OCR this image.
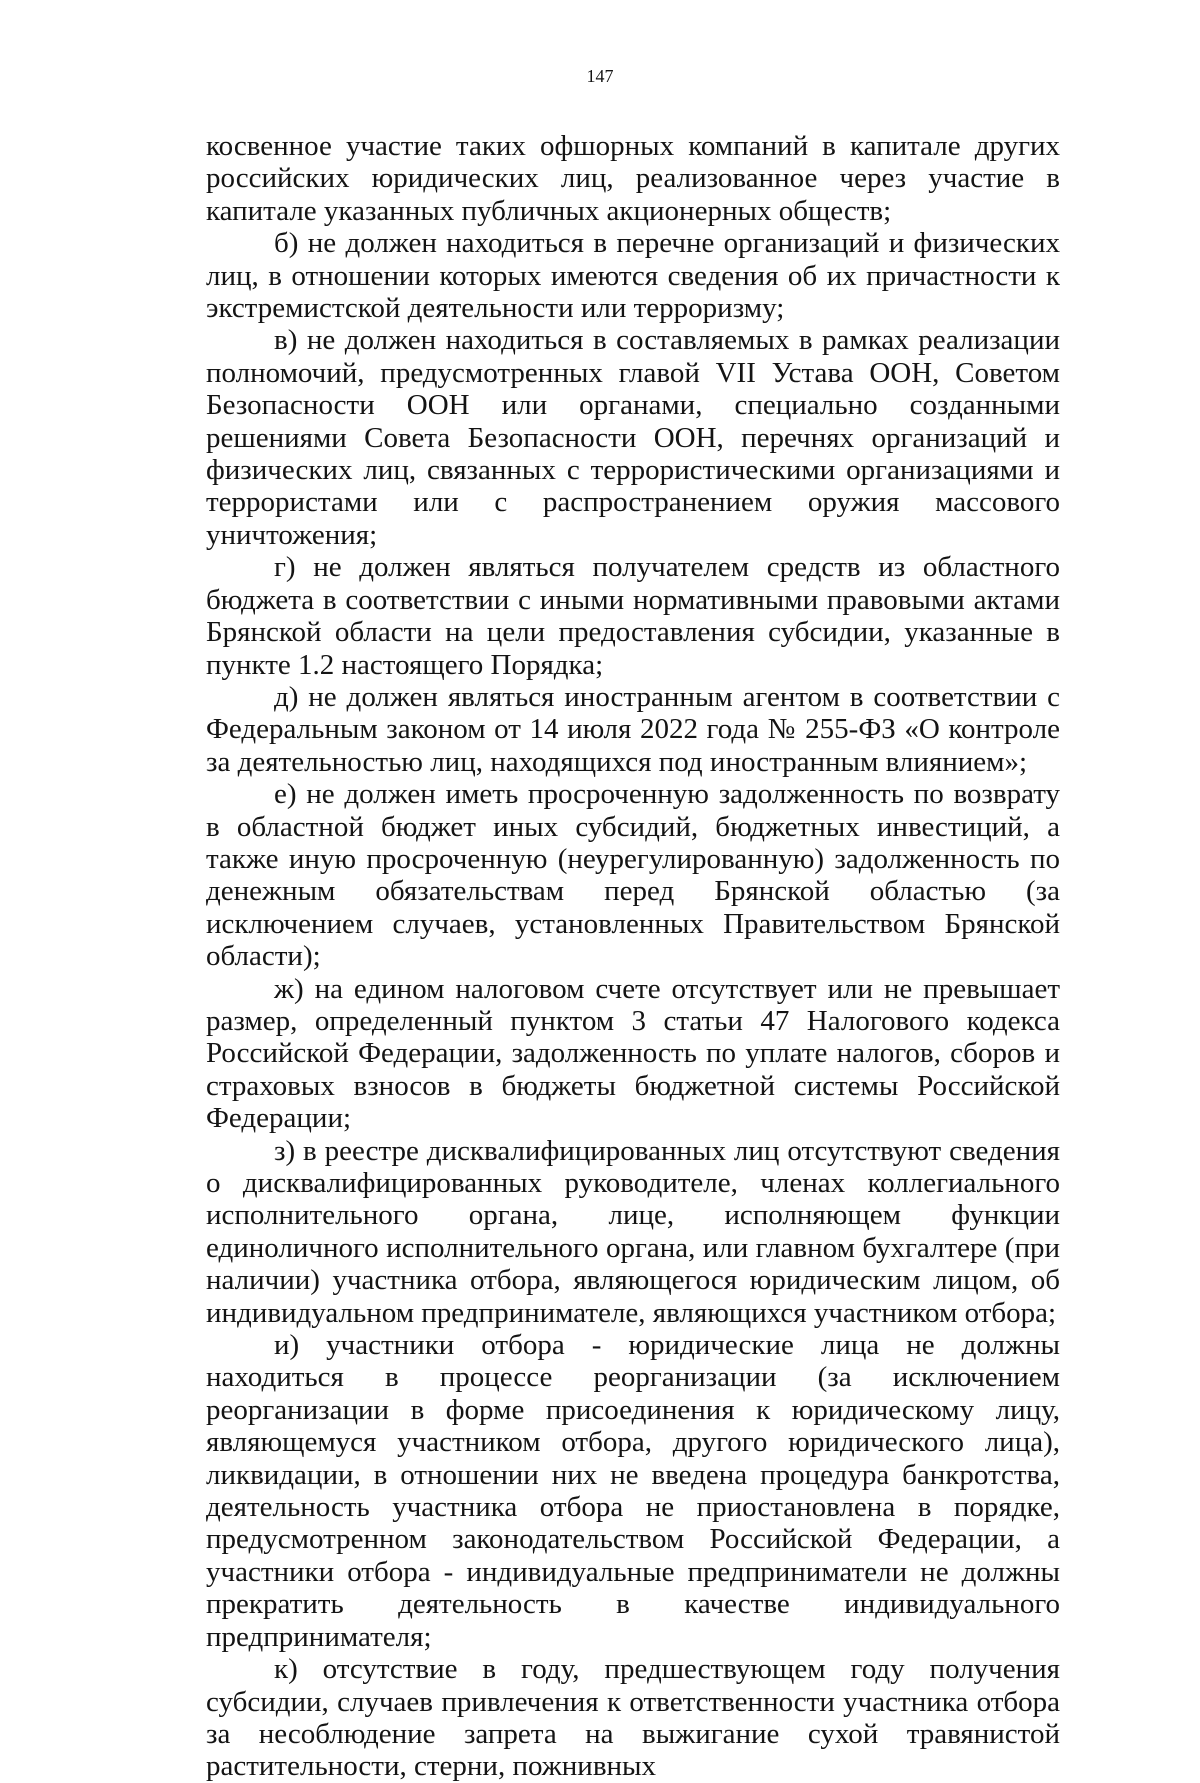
147

косвенное участие таких офшорных компаний в капитале других российских юридических лиц, реализованное через участие в капитале указанных публичных акционерных обществ;

б) не должен находиться в перечне организаций и физических лиц, в отношении которых имеются сведения об их причастности к экстремистской деятельности или терроризму;

в) не должен находиться в составляемых в рамках реализации полномочий, предусмотренных главой VII Устава ООН, Советом Безопасности ООН или органами, специально созданными решениями Совета Безопасности ООН, перечнях организаций и физических лиц, связанных с террористическими организациями и террористами или с распространением оружия массового уничтожения;

г) не должен являться получателем средств из областного бюджета в соответствии с иными нормативными правовыми актами Брянской области на цели предоставления субсидии, указанные в пункте 1.2 настоящего Порядка;

д) не должен являться иностранным агентом в соответствии с Федеральным законом от 14 июля 2022 года № 255-ФЗ «О контроле за деятельностью лиц, находящихся под иностранным влиянием»;

е) не должен иметь просроченную задолженность по возврату в областной бюджет иных субсидий, бюджетных инвестиций, а также иную просроченную (неурегулированную) задолженность по денежным обязательствам перед Брянской областью (за исключением случаев, установленных Правительством Брянской области);

ж) на едином налоговом счете отсутствует или не превышает размер, определенный пунктом 3 статьи 47 Налогового кодекса Российской Федерации, задолженность по уплате налогов, сборов и страховых взносов в бюджеты бюджетной системы Российской Федерации;

з) в реестре дисквалифицированных лиц отсутствуют сведения о дисквалифицированных руководителе, членах коллегиального исполнительного органа, лице, исполняющем функции единоличного исполнительного органа, или главном бухгалтере (при наличии) участника отбора, являющегося юридическим лицом, об индивидуальном предпринимателе, являющихся участником отбора;

и) участники отбора - юридические лица не должны находиться в процессе реорганизации (за исключением реорганизации в форме присоединения к юридическому лицу, являющемуся участником отбора, другого юридического лица), ликвидации, в отношении них не введена процедура банкротства, деятельность участника отбора не приостановлена в порядке, предусмотренном законодательством Российской Федерации, а участники отбора - индивидуальные предприниматели не должны прекратить деятельность в качестве индивидуального предпринимателя;

к) отсутствие в году, предшествующем году получения субсидии, случаев привлечения к ответственности участника отбора за несоблюдение запрета на выжигание сухой травянистой растительности, стерни, пожнивных
